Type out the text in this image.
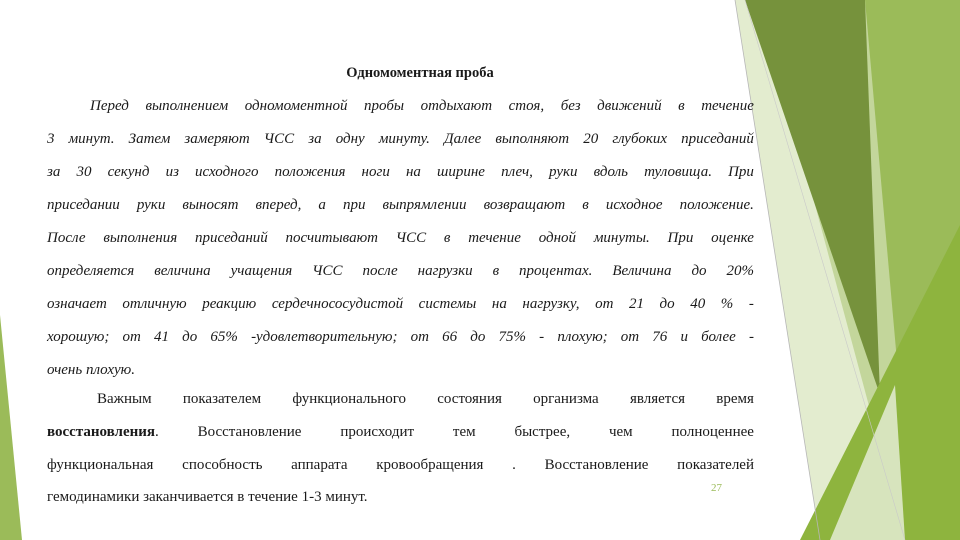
Одномоментная проба
Перед выполнением одномоментной пробы отдыхают стоя, без движений в течение
3 минут. Затем замеряют ЧСС за одну минуту. Далее выполняют 20 глубоких приседаний
за 30 секунд из исходного положения ноги на ширине плеч, руки вдоль туловища. При
приседании руки выносят вперед, а при выпрямлении возвращают в исходное положение.
После выполнения приседаний посчитывают ЧСС в течение одной минуты. При оценке
определяется величина учащения ЧСС после нагрузки в процентах. Величина до 20%
означает отличную реакцию сердечнососудистой системы на нагрузку, от 21 до 40 % -
хорошую; от 41 до 65% -удовлетворительную; от 66 до 75% - плохую; от 76 и более -
очень плохую.
Важным показателем функционального состояния организма является время
восстановления.	Восстановление	происходит	тем	быстрее,	чем	полноценнее
функциональная способность аппарата кровообращения . Восстановление показателей
гемодинамики заканчивается в течение 1-3 минут.
27
